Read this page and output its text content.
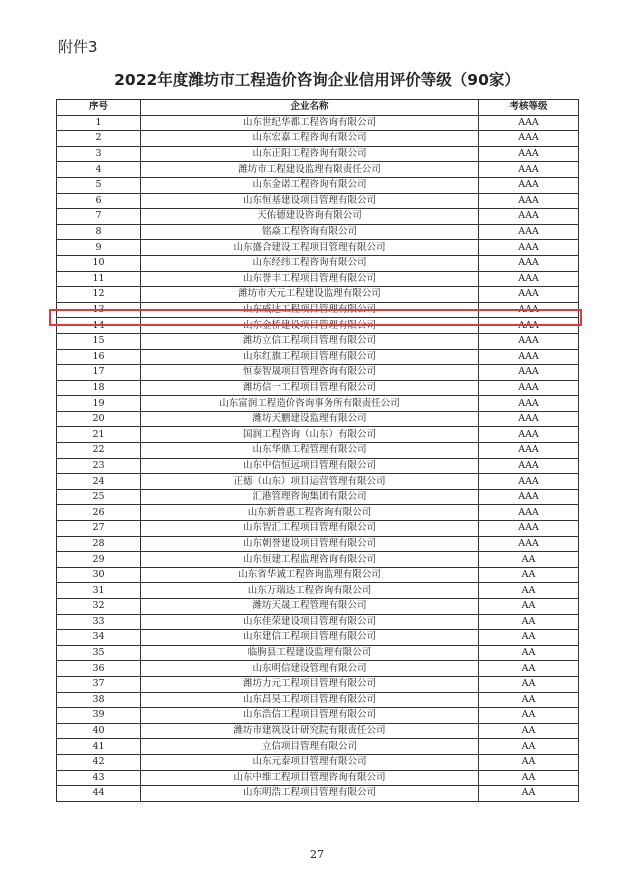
附件3
2022年度潍坊市工程造价咨询企业信用评价等级（90家）
序号	企业名称	考核等级
1	山东世纪华都工程咨询有限公司	AAA
2	山东宏嘉工程咨询有限公司	AAA
3	山东正阳工程咨询有限公司	AAA
4	潍坊市工程建设监理有限责任公司	AAA
5	山东金诺工程咨询有限公司	AAA
6	山东恒基建设项目管理有限公司	AAA
7	天佑德建设咨询有限公司	AAA
8	铭焱工程咨询有限公司	AAA
9	山东盛合建设工程项目管理有限公司	AAA
10	山东经纬工程咨询有限公司	AAA
11	山东誉丰工程项目管理有限公司	AAA
12	潍坊市天元工程建设监理有限公司	AAA
13	山东威达工程项目管理有限公司	AAA
14	山东金桥建设项目管理有限公司	AAA
15	潍坊立信工程项目管理有限公司	AAA
16	山东红旗工程项目管理有限公司	AAA
17	恒泰智晟项目管理咨询有限公司	AAA
18	潍坊信一工程项目管理有限公司	AAA
19	山东富润工程造价咨询事务所有限责任公司	AAA
20	潍坊天鹏建设监理有限公司	AAA
21	国润工程咨询（山东）有限公司	AAA
22	山东华鼎工程管理有限公司	AAA
23	山东中信恒远项目管理有限公司	AAA
24	正德（山东）项目运营管理有限公司	AAA
25	汇港管理咨询集团有限公司	AAA
26	山东新普惠工程咨询有限公司	AAA
27	山东智汇工程项目管理有限公司	AAA
28	山东朝誉建设项目管理有限公司	AAA
29	山东恒建工程监理咨询有限公司	AA
30	山东省华诚工程咨询监理有限公司	AA
31	山东万瑞达工程咨询有限公司	AA
32	潍坊天晟工程管理有限公司	AA
33	山东佳荣建设项目管理有限公司	AA
34	山东建信工程项目管理有限公司	AA
35	临朐县工程建设监理有限公司	AA
36	山东明信建设管理有限公司	AA
37	潍坊力元工程项目管理有限公司	AA
38	山东昌昊工程项目管理有限公司	AA
39	山东浩信工程项目管理有限公司	AA
40	潍坊市建筑设计研究院有限责任公司	AA
41	立信项目管理有限公司	AA
42	山东元泰项目管理有限公司	AA
43	山东中维工程项目管理咨询有限公司	AA
44	山东明浩工程项目管理有限公司	AA
27
